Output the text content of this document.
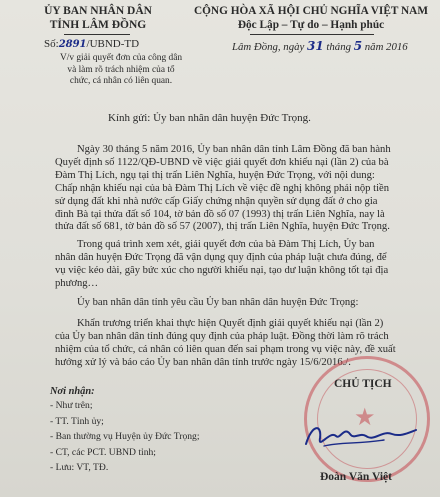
ỦY BAN NHÂN DÂN
TỈNH LÂM ĐỒNG
Số:2891/UBND-TD
V/v giải quyết đơn của công dân
và làm rõ trách nhiệm của tổ
chức, cá nhân có liên quan.
CỘNG HÒA XÃ HỘI CHỦ NGHĨA VIỆT NAM
Độc Lập – Tự do – Hạnh phúc
Lâm Đồng, ngày 31 tháng 5 năm 2016
Kính gửi: Ủy ban nhân dân huyện Đức Trọng.
Ngày 30 tháng 5 năm 2016, Ủy ban nhân dân tỉnh Lâm Đồng đã ban hành
Quyết định số 1122/QĐ-UBND về việc giải quyết đơn khiếu nại (lần 2) của bà
Đàm Thị Lích, ngụ tại thị trấn Liên Nghĩa, huyện Đức Trọng, với nội dung:
Chấp nhận khiếu nại của bà Đàm Thị Lích về việc đề nghị không phải nộp tiền
sử dụng đất khi nhà nước cấp Giấy chứng nhận quyền sử dụng đất ở cho gia
đình Bà tại thửa đất số 104, tờ bản đồ số 07 (1993) thị trấn Liên Nghĩa, nay là
thửa đất số 681, tờ bản đồ số 57 (2007), thị trấn Liên Nghĩa, huyện Đức Trọng.
Trong quá trình xem xét, giải quyết đơn của bà Đàm Thị Lích, Ủy ban
nhân dân huyện Đức Trọng đã vận dụng quy định của pháp luật chưa đúng, để
vụ việc kéo dài, gây bức xúc cho người khiếu nại, tạo dư luận không tốt tại địa
phương…
Ủy ban nhân dân tỉnh yêu cầu Ủy ban nhân dân huyện Đức Trọng:
Khẩn trương triển khai thực hiện Quyết định giải quyết khiếu nại (lần 2)
của Ủy ban nhân dân tỉnh đúng quy định của pháp luật. Đồng thời làm rõ trách
nhiệm của tổ chức, cá nhân có liên quan đến sai phạm trong vụ việc này, đề xuất
hướng xử lý và báo cáo Ủy ban nhân dân tỉnh trước ngày 15/6/2016./.
Nơi nhận:
- Như trên;
- TT. Tỉnh ủy;
- Ban thường vụ Huyện ủy Đức Trọng;
- CT, các PCT. UBND tỉnh;
- Lưu: VT, TĐ.
★
CHỦ TỊCH
Đoàn Văn Việt
